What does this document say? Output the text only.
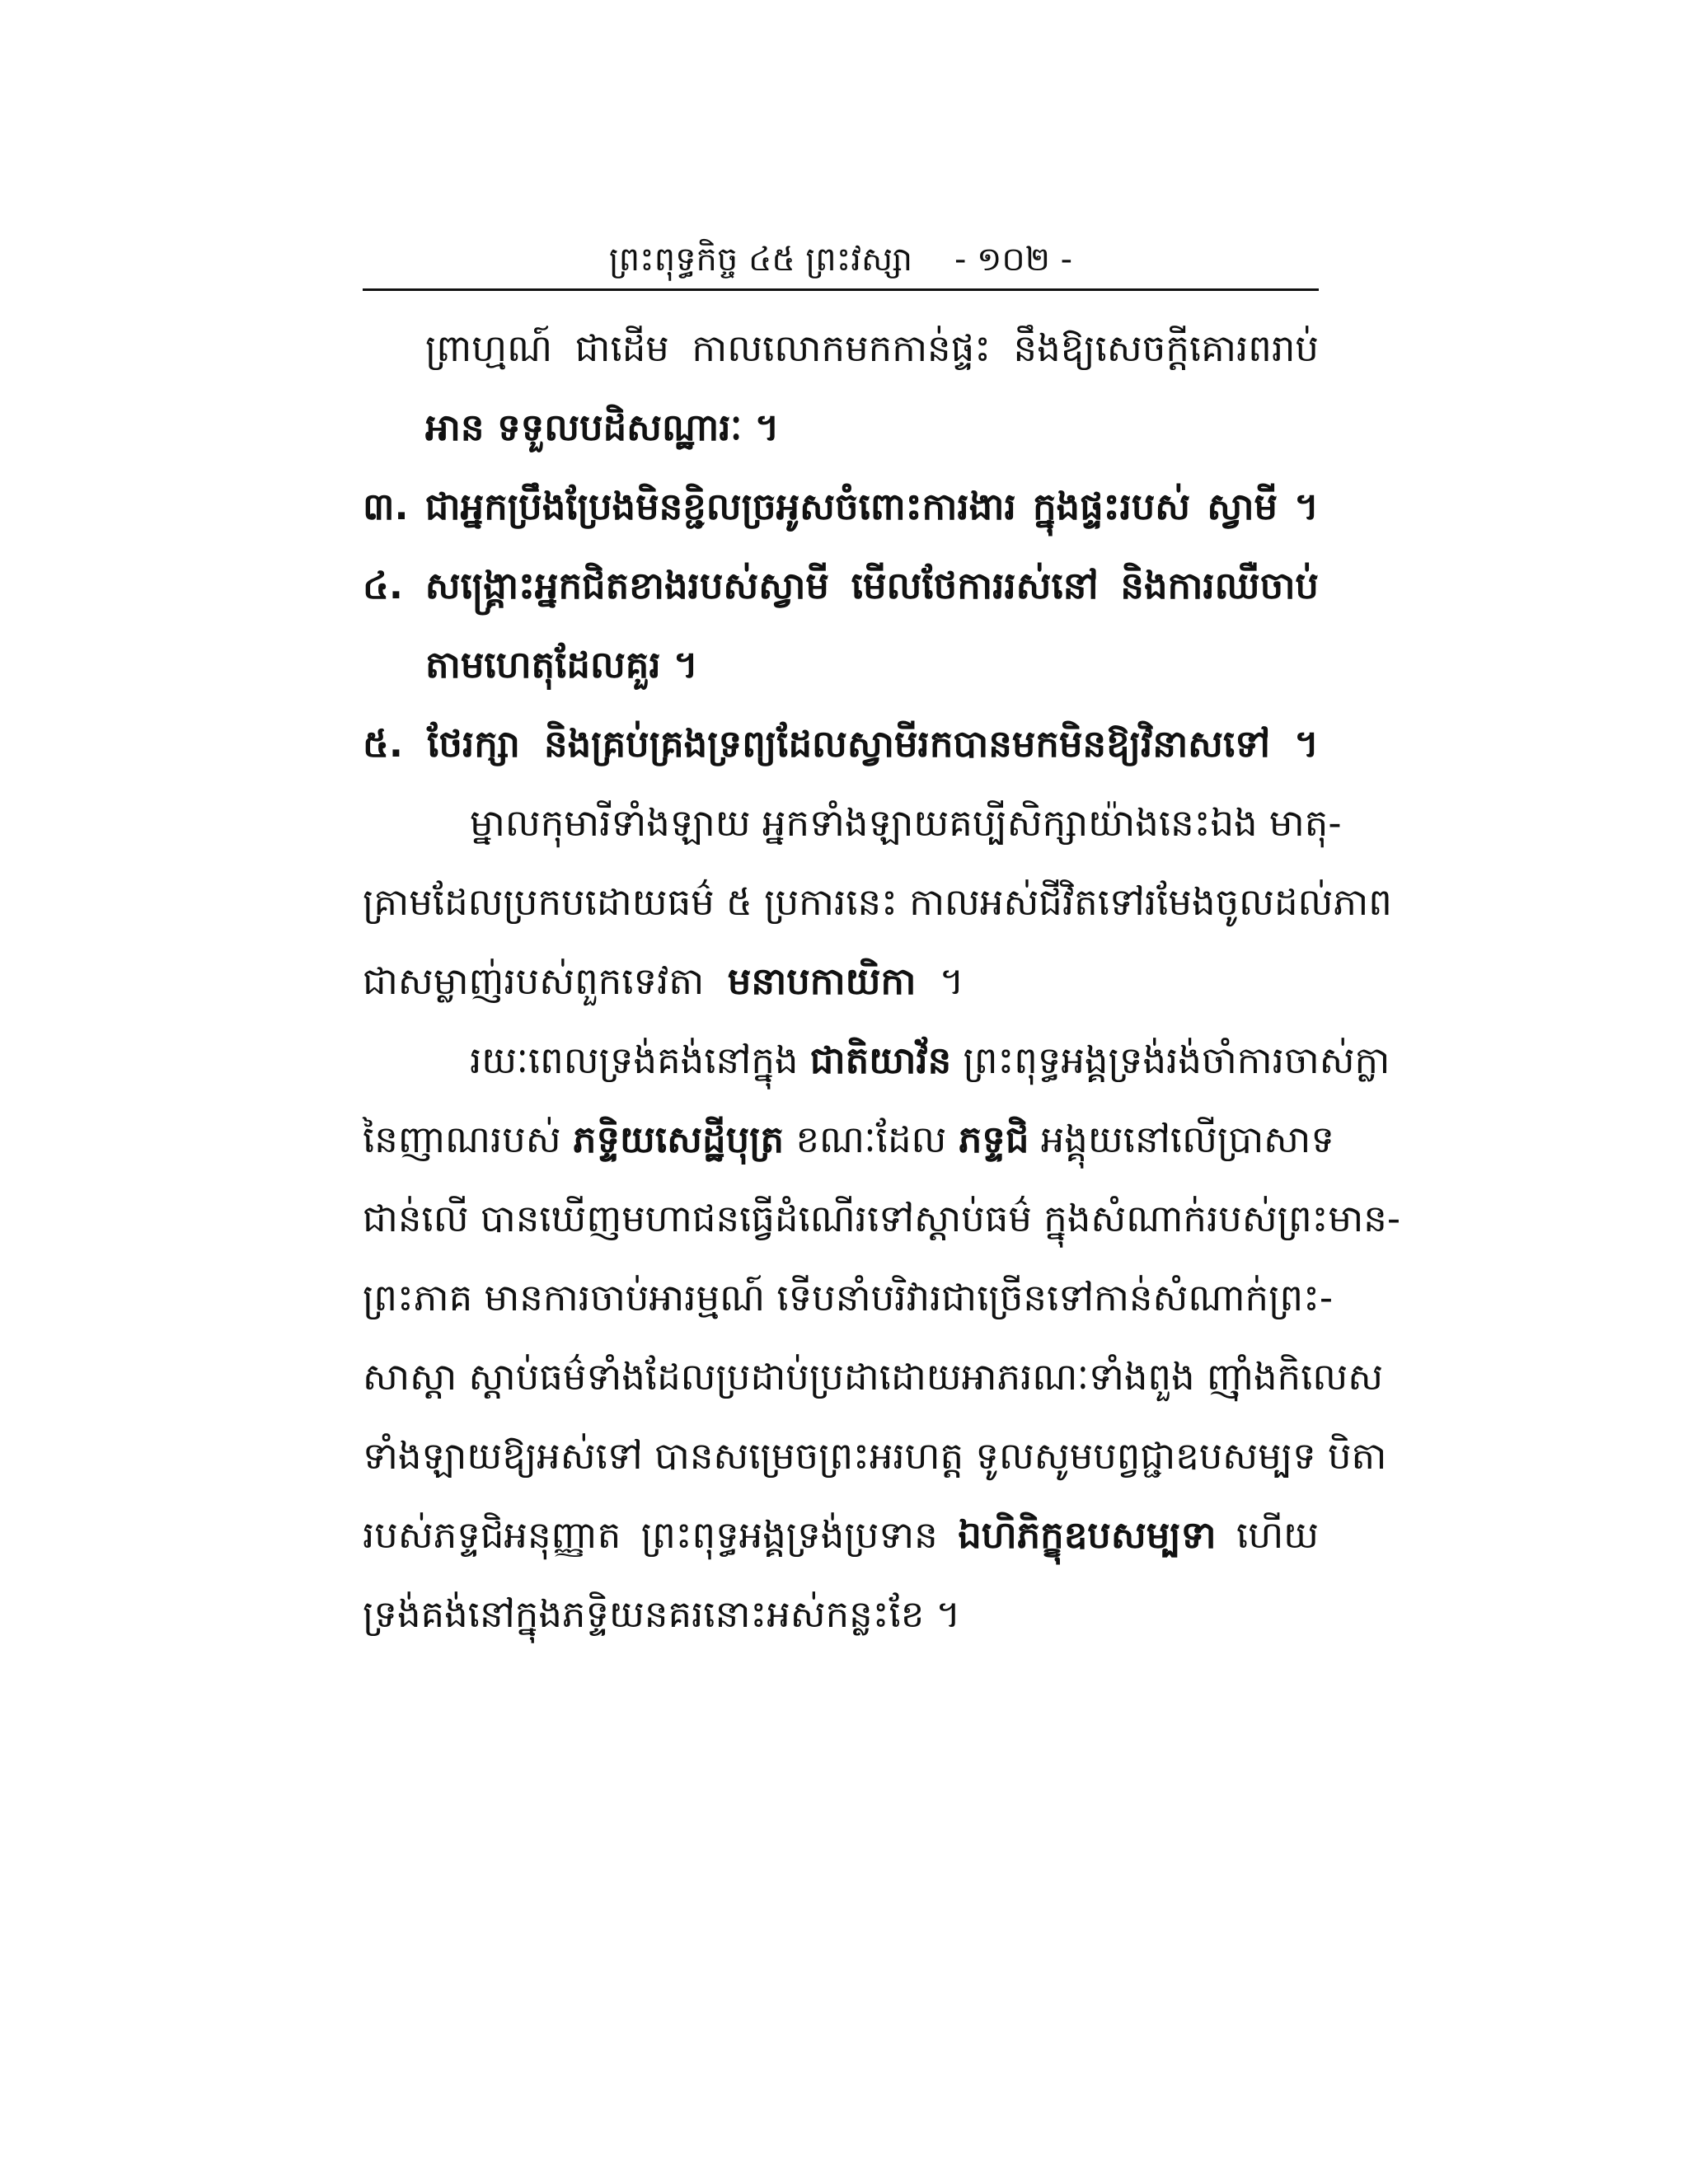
ព្រះពុទ្ធកិច្ច ៤៥ ព្រះវស្សា - ១០២ -
ព្រាហ្មណ៍ ជាដើម កាលលោកមកកាន់ផ្ទះ នឹងឱ្យសេចក្តីគោរពរាប់
អាន ទទួលបដិសណ្ឋារៈ ។
៣. ជាអ្នកប្រឹងប្រែងមិនខ្ជិលច្រអូសចំពោះការងារ ក្នុងផ្ទះរបស់ ស្វាមី ។
៤. សង្គ្រោះអ្នកជិតខាងរបស់ស្វាមី មើលថែការរស់នៅ និងការឈឺចាប់
តាមហេតុដែលគួរ ។
៥. ថែរក្សា និងគ្រប់គ្រងទ្រព្យដែលស្វាមីរកបានមកមិនឱ្យវិនាសទៅ ។
ម្នាលកុមារីទាំងឡាយ អ្នកទាំងឡាយគប្បីសិក្សាយ៉ាងនេះឯង មាតុ-
គ្រាមដែលប្រកបដោយធម៌ ៥ ប្រការនេះ កាលអស់ជីវិតទៅរមែងចូលដល់ភាព
ជាសម្លាញ់របស់ពួកទេវតា មនាបកាយិកា ។
រយៈពេលទ្រង់គង់នៅក្នុង ជាតិយាវ័ន ព្រះពុទ្ធអង្គទ្រង់រង់ចាំការចាស់ក្លា
នៃញាណរបស់ ភទ្ទិយសេដ្ឋីបុត្រ ខណៈដែល ភទ្ទជិ អង្គុយនៅលើប្រាសាទ
ជាន់លើ បានឃើញមហាជនធ្វើដំណើរទៅស្តាប់ធម៌ ក្នុងសំណាក់របស់ព្រះមាន-
ព្រះភាគ មានការចាប់អារម្មណ៍ ទើបនាំបរិវារជាច្រើនទៅកាន់សំណាក់ព្រះ-
សាស្តា ស្តាប់ធម៌ទាំងដែលប្រដាប់ប្រដាដោយអាភរណៈទាំងពួង ញ៉ាំងកិលេស
ទាំងឡាយឱ្យអស់ទៅ បានសម្រេចព្រះអរហត្ត ទូលសូមបព្វជ្ជាឧបសម្បទ បិតា
របស់ភទ្ទជិអនុញ្ញាត ព្រះពុទ្ធអង្គទ្រង់ប្រទាន ឯហិភិក្ខុឧបសម្បទា ហើយ
ទ្រង់គង់នៅក្នុងភទ្ទិយនគរនោះអស់កន្លះខែ ។
